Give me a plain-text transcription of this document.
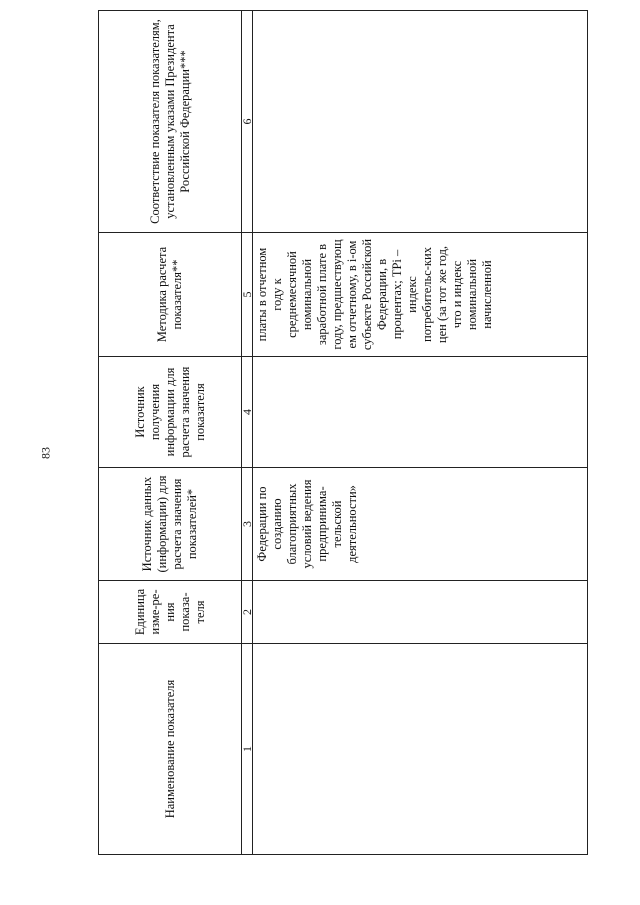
83
Наименование показателя	Единица изме-ре-ния показа-теля	Источник данных (информации) для расчета значения показателей*	Источник получения информации для расчета значения показателя	Методика расчета показателя**	Соответствие показателя показателям, установленным указами Президента Российской Федерации***
1	2	3	4	5	6
		Федерации по созданию благоприятных условий ведения предпринима-тельской деятельности»		платы в отчетном году к среднемесячной номинальной заработной плате в году, предшествующ ем отчетному, в i-ом субъекте Российской Федерации, в процентах; TPi – индекс потребительс-ких цен (за тот же год, что и индекс номинальной начисленной	
